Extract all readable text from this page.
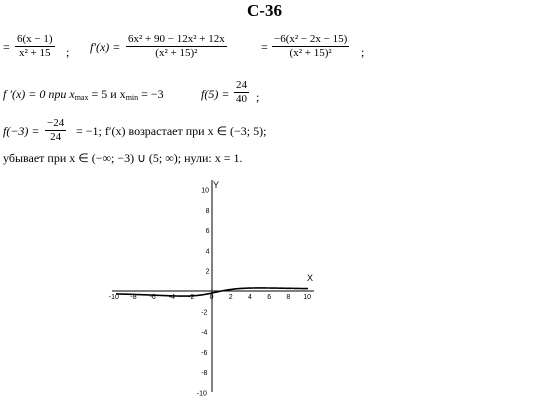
С-36
= $\frac{6(x - 1)}{\text{x² + 15}}$ ; $f'(x) = \frac{\text{6x² + 90 − 12x² + 12x}}{\text{(x² + 15)²}}$	= $\frac{\text{−6(x² − 2x − 15)}}{\text{(x² + 15)²}}$ ;
f ′(x) = 0 при $x_{max} = 5$ и $x_{min} = -3$	$f(5) = \frac{24}{40}$ ;
$f(-3) = \frac{-24}{24} = -1$; f′(x) возрастает при x ∈ (−3; 5);
убывает при x ∈ (−∞; −3) ∪ (5; ∞); нули: x = 1.
Y
X
-10 -8 -6 -4 -2 0 2 4 6 8 10
10
8
6
4
2
-2
-4
-6
-8
-10
